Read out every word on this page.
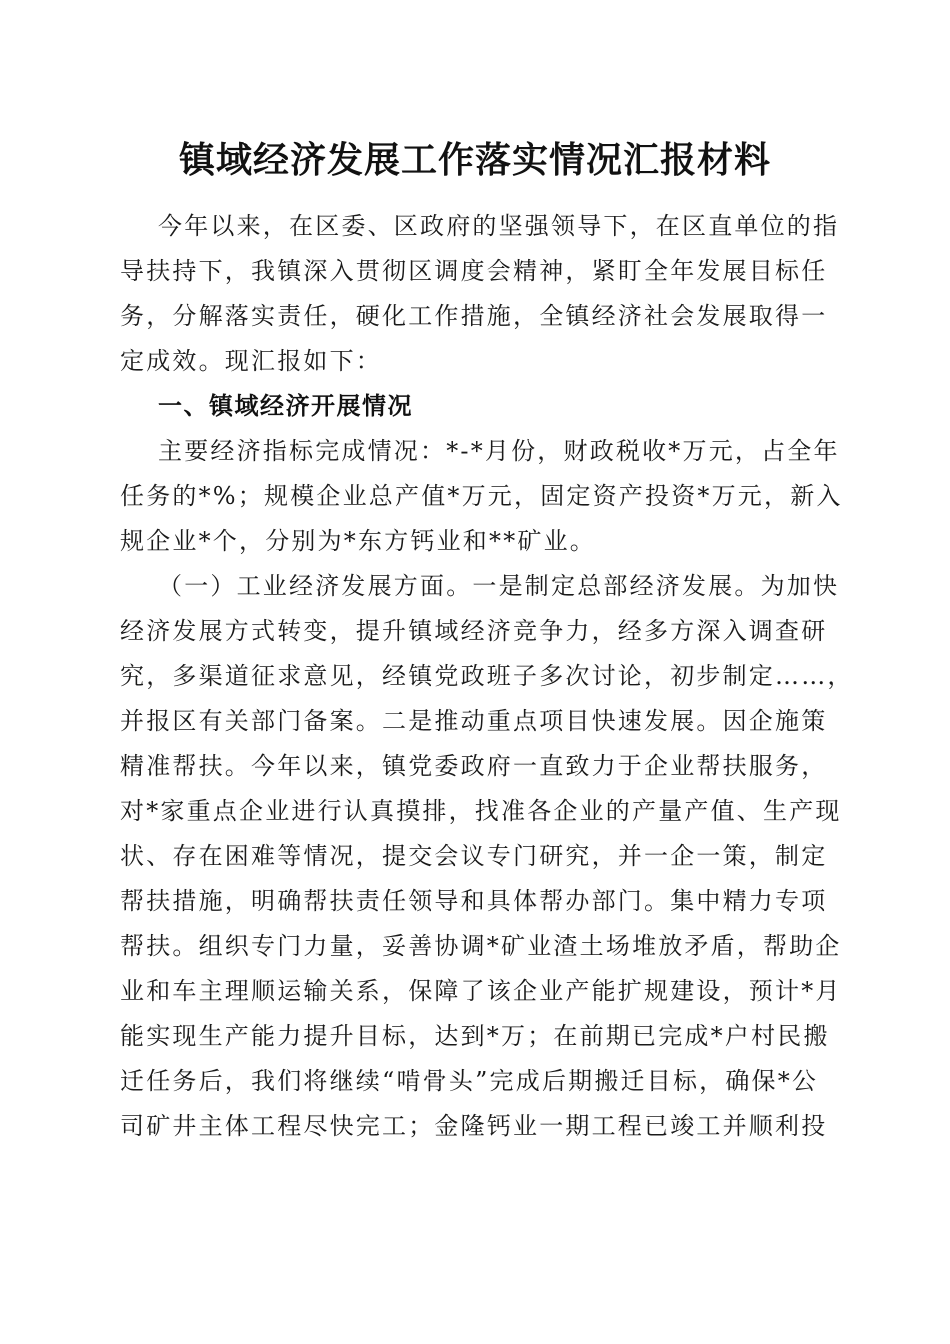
镇域经济发展工作落实情况汇报材料
今年以来，在区委、区政府的坚强领导下，在区直单位的指
导扶持下，我镇深入贯彻区调度会精神，紧盯全年发展目标任
务，分解落实责任，硬化工作措施，全镇经济社会发展取得一
定成效。现汇报如下：
一、镇域经济开展情况
主要经济指标完成情况：*-*月份，财政税收*万元，占全年
任务的*%；规模企业总产值*万元，固定资产投资*万元，新入
规企业*个，分别为*东方钙业和**矿业。
（一）工业经济发展方面。一是制定总部经济发展。为加快
经济发展方式转变，提升镇域经济竞争力，经多方深入调查研
究，多渠道征求意见，经镇党政班子多次讨论，初步制定……，
并报区有关部门备案。二是推动重点项目快速发展。因企施策
精准帮扶。今年以来，镇党委政府一直致力于企业帮扶服务，
对*家重点企业进行认真摸排，找准各企业的产量产值、生产现
状、存在困难等情况，提交会议专门研究，并一企一策，制定
帮扶措施，明确帮扶责任领导和具体帮办部门。集中精力专项
帮扶。组织专门力量，妥善协调*矿业渣土场堆放矛盾，帮助企
业和车主理顺运输关系，保障了该企业产能扩规建设，预计*月
能实现生产能力提升目标，达到*万；在前期已完成*户村民搬
迁任务后，我们将继续“啃骨头”完成后期搬迁目标，确保*公
司矿井主体工程尽快完工；金隆钙业一期工程已竣工并顺利投
